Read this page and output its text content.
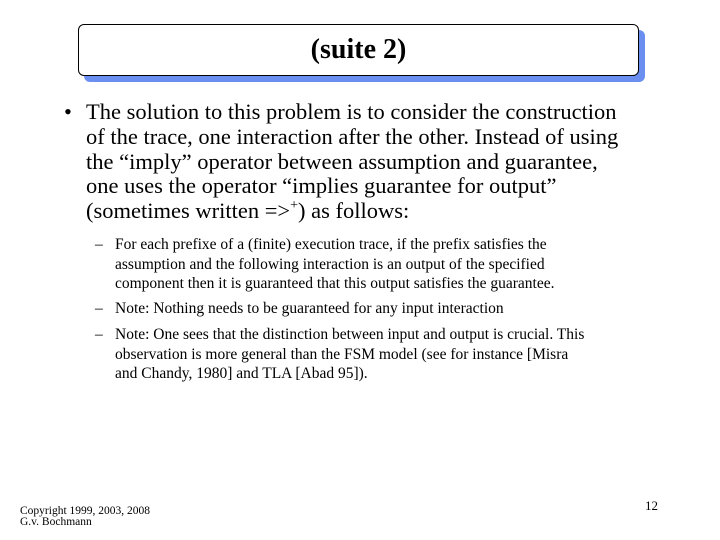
(suite 2)
• The solution to this problem is to consider the construction
of the trace, one interaction after the other. Instead of using
the “imply” operator between assumption and guarantee,
one uses the operator “implies guarantee for output”
(sometimes written =>+) as follows:
– For each prefixe of a (finite) execution trace, if the prefix satisfies the
assumption and the following interaction is an output of the specified
component then it is guaranteed that this output satisfies the guarantee.
– Note: Nothing needs to be guaranteed for any input interaction
– Note: One sees that the distinction between input and output is crucial. This
observation is more general than the FSM model (see for instance [Misra
and Chandy, 1980] and TLA [Abad 95]).
Copyright 1999, 2003, 2008
G.v. Bochmann
12
